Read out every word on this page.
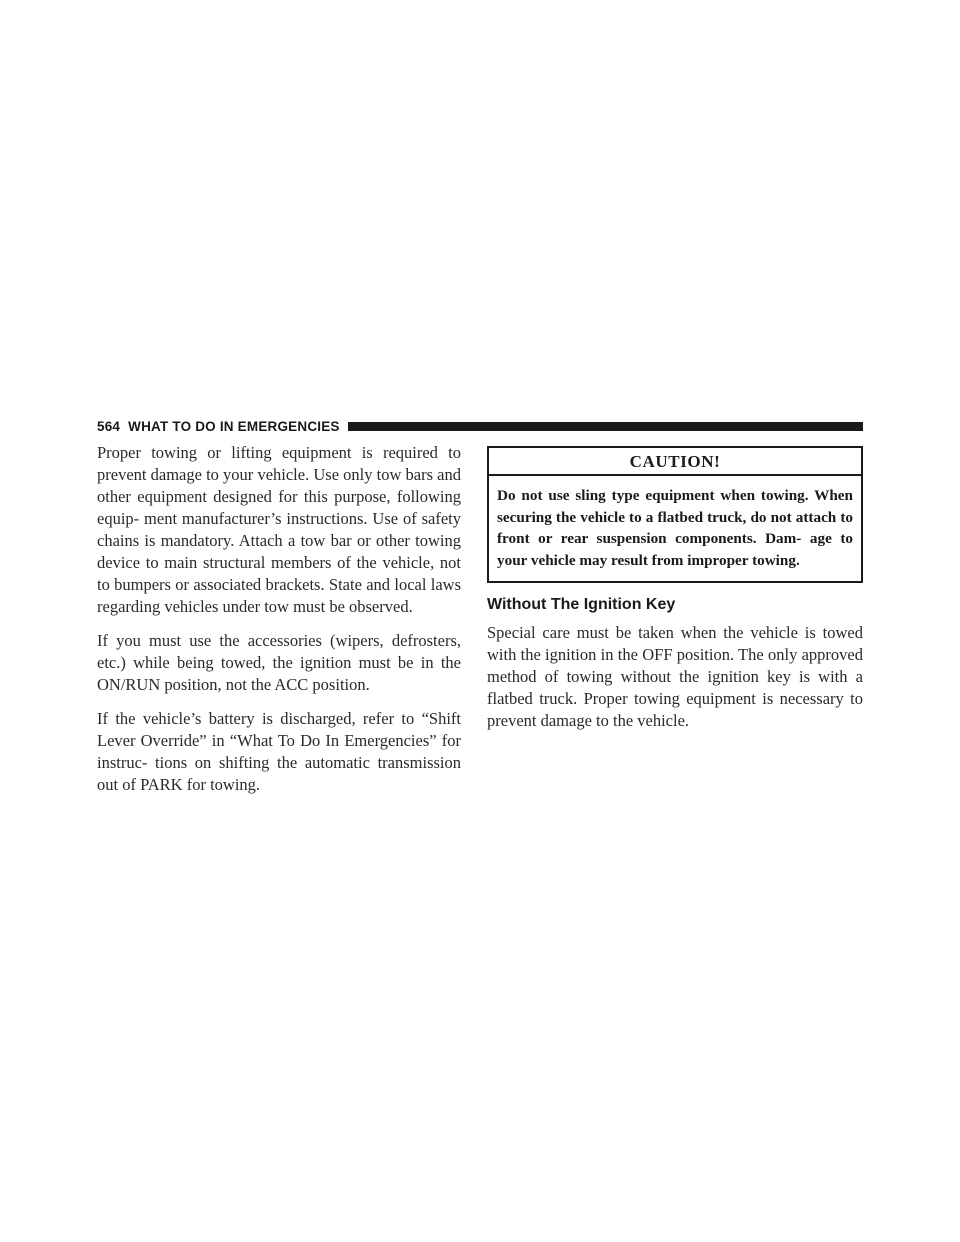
564 WHAT TO DO IN EMERGENCIES

Proper towing or lifting equipment is required to prevent damage to your vehicle. Use only tow bars and other equipment designed for this purpose, following equip- ment manufacturer’s instructions. Use of safety chains is mandatory. Attach a tow bar or other towing device to main structural members of the vehicle, not to bumpers or associated brackets. State and local laws regarding vehicles under tow must be observed.

If you must use the accessories (wipers, defrosters, etc.) while being towed, the ignition must be in the ON/RUN position, not the ACC position.

If the vehicle’s battery is discharged, refer to “Shift Lever Override” in “What To Do In Emergencies” for instruc- tions on shifting the automatic transmission out of PARK for towing.

CAUTION!
Do not use sling type equipment when towing. When securing the vehicle to a flatbed truck, do not attach to front or rear suspension components. Dam- age to your vehicle may result from improper towing.
Without The Ignition Key

Special care must be taken when the vehicle is towed with the ignition in the OFF position. The only approved method of towing without the ignition key is with a flatbed truck. Proper towing equipment is necessary to prevent damage to the vehicle.
